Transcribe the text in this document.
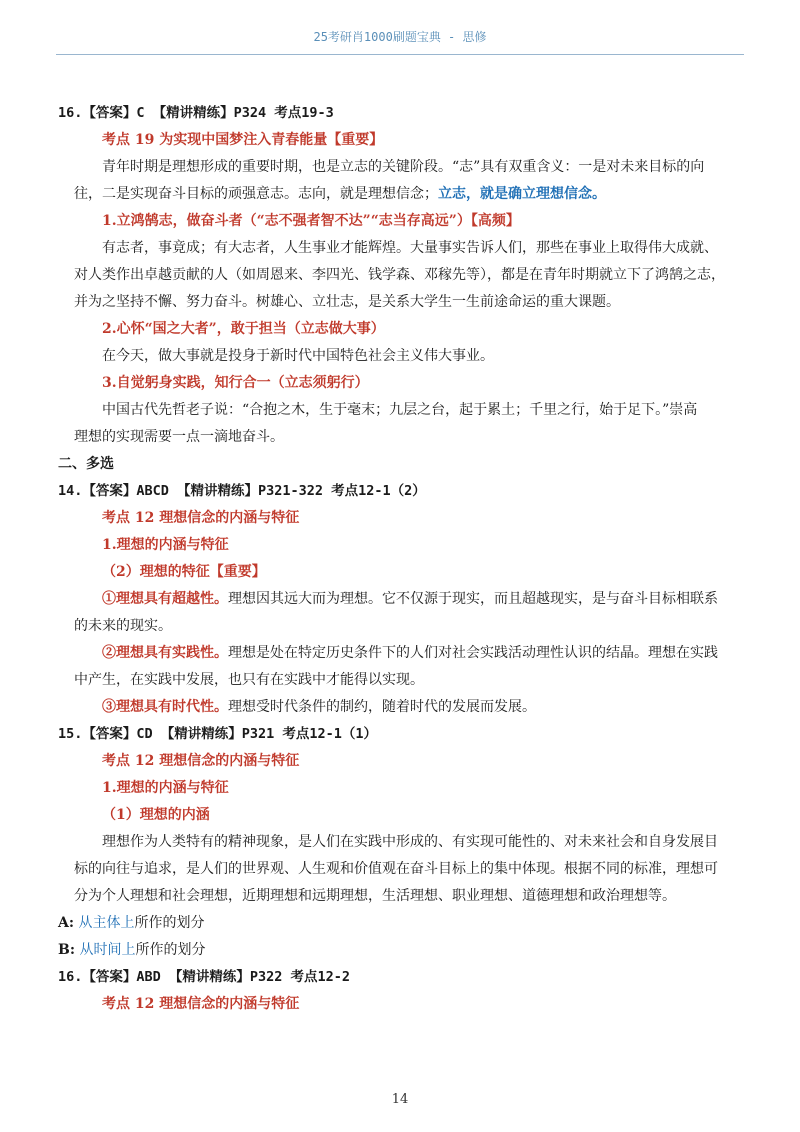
25考研肖1000刷题宝典 - 思修

16.【答案】C 【精讲精练】P324 考点19-3

考点 19 为实现中国梦注入青春能量【重要】

青年时期是理想形成的重要时期，也是立志的关键阶段。“志”具有双重含义：一是对未来目标的向

往，二是实现奋斗目标的顽强意志。志向，就是理想信念；立志，就是确立理想信念。

1.立鸿鹄志，做奋斗者（“志不强者智不达”“志当存高远”）【高频】

有志者，事竟成；有大志者，人生事业才能辉煌。大量事实告诉人们，那些在事业上取得伟大成就、

对人类作出卓越贡献的人（如周恩来、李四光、钱学森、邓稼先等），都是在青年时期就立下了鸿鹄之志，

并为之坚持不懈、努力奋斗。树雄心、立壮志，是关系大学生一生前途命运的重大课题。

2.心怀“国之大者”，敢于担当（立志做大事）

在今天，做大事就是投身于新时代中国特色社会主义伟大事业。

3.自觉躬身实践，知行合一（立志须躬行）

中国古代先哲老子说：“合抱之木，生于毫末；九层之台，起于累土；千里之行，始于足下。”崇高

理想的实现需要一点一滴地奋斗。

二、多选

14.【答案】ABCD 【精讲精练】P321-322 考点12-1（2）

考点 12 理想信念的内涵与特征

1.理想的内涵与特征

（2）理想的特征【重要】

①理想具有超越性。理想因其远大而为理想。它不仅源于现实，而且超越现实，是与奋斗目标相联系

的未来的现实。

②理想具有实践性。理想是处在特定历史条件下的人们对社会实践活动理性认识的结晶。理想在实践

中产生，在实践中发展，也只有在实践中才能得以实现。

③理想具有时代性。理想受时代条件的制约，随着时代的发展而发展。

15.【答案】CD 【精讲精练】P321 考点12-1（1）

考点 12 理想信念的内涵与特征

1.理想的内涵与特征

（1）理想的内涵

理想作为人类特有的精神现象，是人们在实践中形成的、有实现可能性的、对未来社会和自身发展目

标的向往与追求，是人们的世界观、人生观和价值观在奋斗目标上的集中体现。根据不同的标准，理想可

分为个人理想和社会理想，近期理想和远期理想，生活理想、职业理想、道德理想和政治理想等。

A: 从主体上所作的划分

B: 从时间上所作的划分

16.【答案】ABD 【精讲精练】P322 考点12-2

考点 12 理想信念的内涵与特征

14
